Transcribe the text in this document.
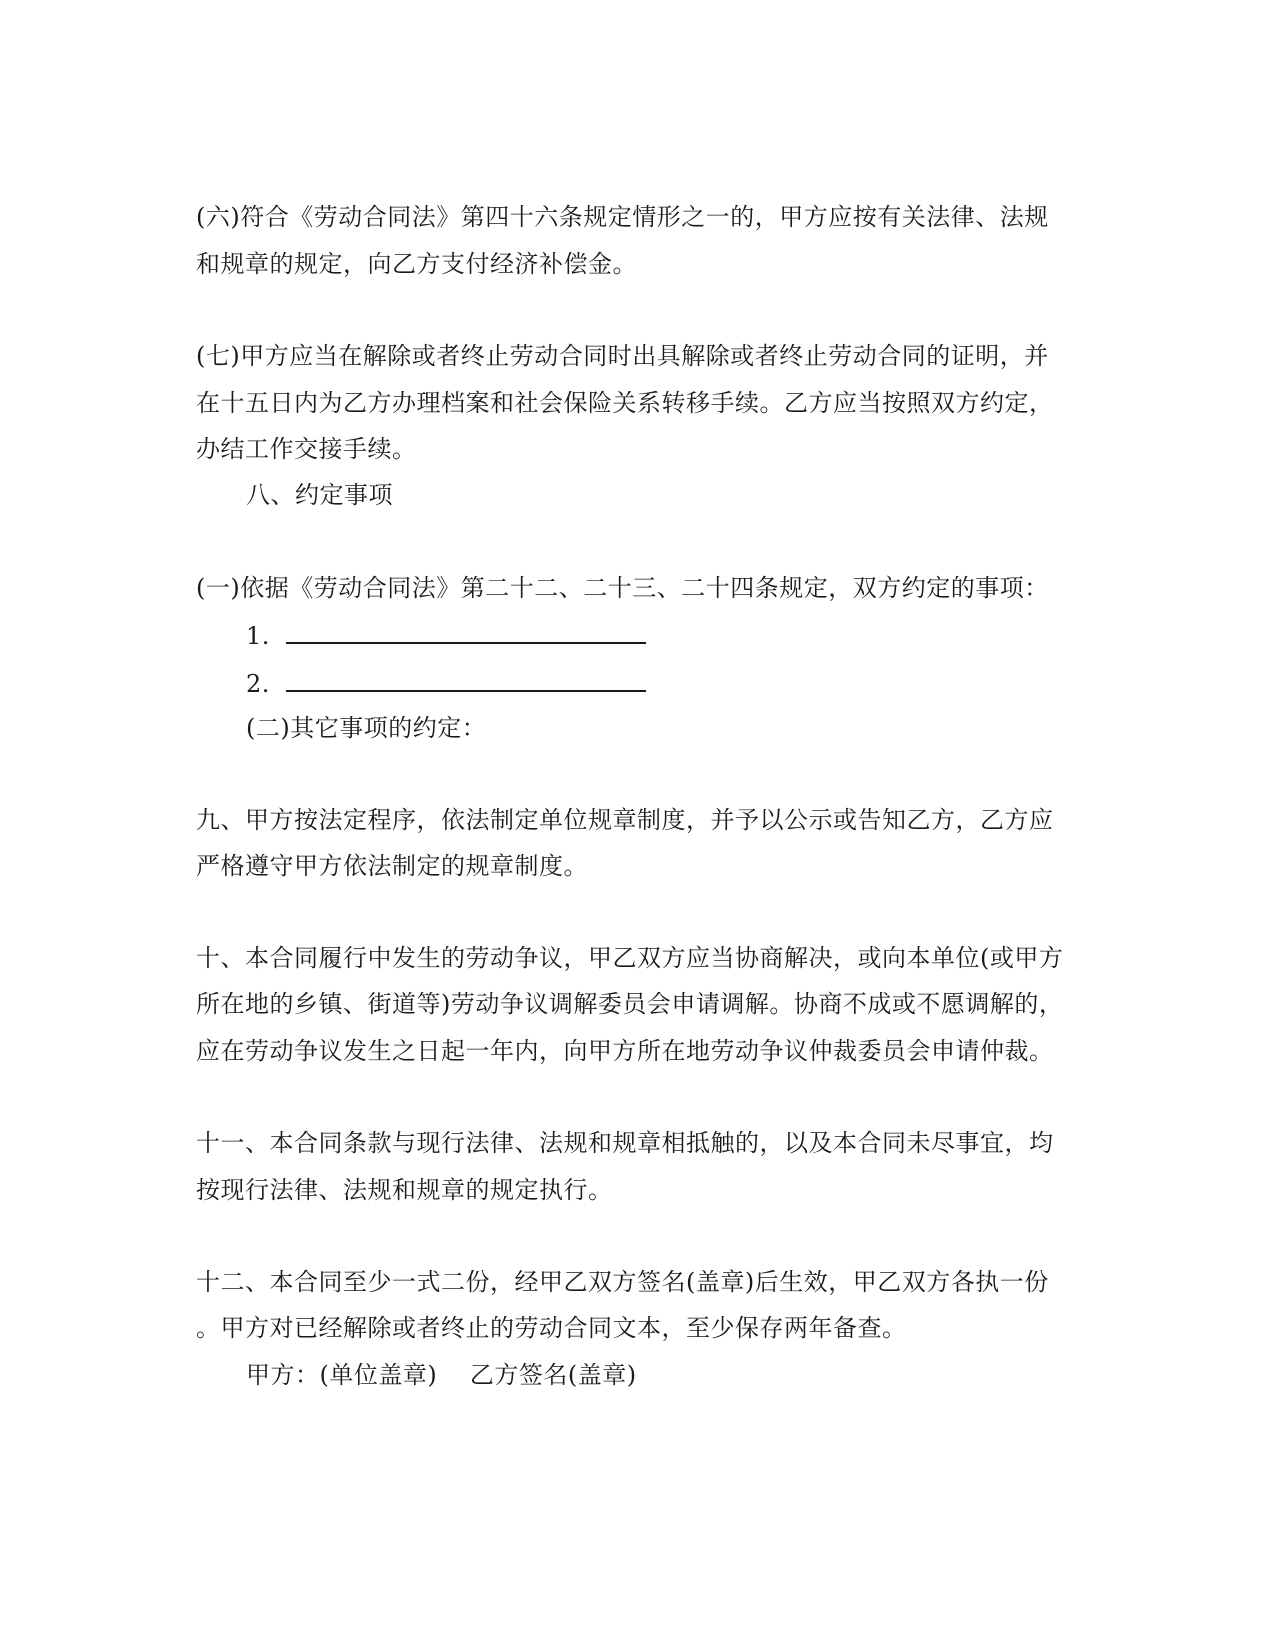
(六)符合《劳动合同法》第四十六条规定情形之一的，甲方应按有关法律、法规
和规章的规定，向乙方支付经济补偿金。
(七)甲方应当在解除或者终止劳动合同时出具解除或者终止劳动合同的证明，并
在十五日内为乙方办理档案和社会保险关系转移手续。乙方应当按照双方约定，
办结工作交接手续。
八、约定事项
(一)依据《劳动合同法》第二十二、二十三、二十四条规定，双方约定的事项：
1.
2.
(二)其它事项的约定：
九、甲方按法定程序，依法制定单位规章制度，并予以公示或告知乙方，乙方应
严格遵守甲方依法制定的规章制度。
十、本合同履行中发生的劳动争议，甲乙双方应当协商解决，或向本单位(或甲方
所在地的乡镇、街道等)劳动争议调解委员会申请调解。协商不成或不愿调解的，
应在劳动争议发生之日起一年内，向甲方所在地劳动争议仲裁委员会申请仲裁。
十一、本合同条款与现行法律、法规和规章相抵触的，以及本合同未尽事宜，均
按现行法律、法规和规章的规定执行。
十二、本合同至少一式二份，经甲乙双方签名(盖章)后生效，甲乙双方各执一份
。甲方对已经解除或者终止的劳动合同文本，至少保存两年备查。
甲方：(单位盖章)　 乙方签名(盖章)
